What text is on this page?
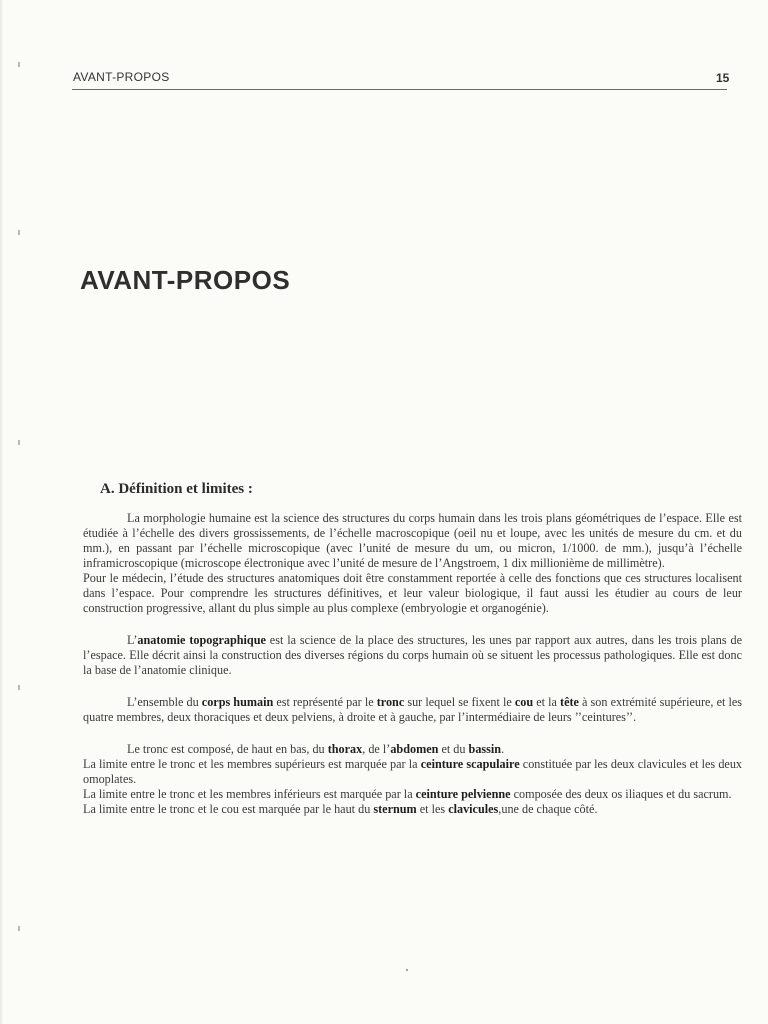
AVANT-PROPOS	15
AVANT-PROPOS
A. Définition et limites :

La morphologie humaine est la science des structures du corps humain dans les trois plans géométriques de l’espace. Elle est étudiée à l’échelle des divers grossissements, de l’échelle macroscopique (oeil nu et loupe, avec les unités de mesure du cm. et du mm.), en passant par l’échelle microscopique (avec l’unité de mesure du um, ou micron, 1/1000. de mm.), jusqu’à l’échelle inframicroscopique (microscope électronique avec l’unité de mesure de l’Angstroem, 1 dix millionième de millimètre).

Pour le médecin, l’étude des structures anatomiques doit être constamment reportée à celle des fonctions que ces structures localisent dans l’espace. Pour comprendre les structures définitives, et leur valeur biologique, il faut aussi les étudier au cours de leur construction progressive, allant du plus simple au plus complexe (embryologie et organogénie).

L’anatomie topographique est la science de la place des structures, les unes par rapport aux autres, dans les trois plans de l’espace. Elle décrit ainsi la construction des diverses régions du corps humain où se situent les processus pathologiques. Elle est donc la base de l’anatomie clinique.

L’ensemble du corps humain est représenté par le tronc sur lequel se fixent le cou et la tête à son extrémité supérieure, et les quatre membres, deux thoraciques et deux pelviens, à droite et à gauche, par l’intermédiaire de leurs ’’ceintures’’.

Le tronc est composé, de haut en bas, du thorax, de l’abdomen et du bassin.

La limite entre le tronc et les membres supérieurs est marquée par la ceinture scapulaire constituée par les deux clavicules et les deux omoplates.

La limite entre le tronc et les membres inférieurs est marquée par la ceinture pelvienne composée des deux os iliaques et du sacrum.

La limite entre le tronc et le cou est marquée par le haut du sternum et les clavicules,une de chaque côté.
